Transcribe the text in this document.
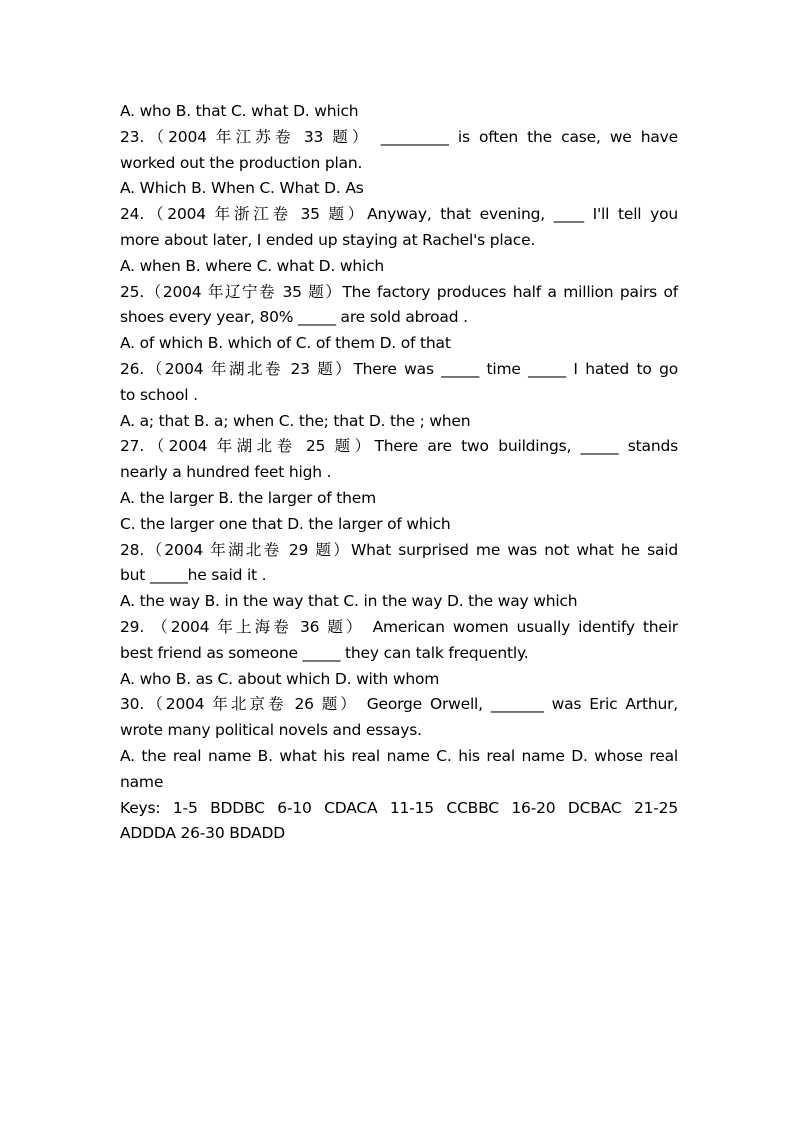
A. who B. that C. what D. which
23.（2004 年江苏卷 33 题） _________ is often the case, we have
worked out the production plan.
A. Which B. When C. What D. As
24.（2004 年浙江卷 35 题）Anyway, that evening, ____ I'll tell you
more about later, I ended up staying at Rachel's place.
A. when B. where C. what D. which
25.（2004 年辽宁卷 35 题）The factory produces half a million pairs of
shoes every year, 80% _____ are sold abroad .
A. of which B. which of C. of them D. of that
26.（2004 年湖北卷 23 题）There was _____ time _____ I hated to go
to school .
A. a; that B. a; when C. the; that D. the ; when
27.（2004 年湖北卷 25 题）There are two buildings, _____ stands
nearly a hundred feet high .
A. the larger B. the larger of them
C. the larger one that D. the larger of which
28.（2004 年湖北卷 29 题）What surprised me was not what he said
but _____he said it .
A. the way B. in the way that C. in the way D. the way which
29. （2004 年上海卷 36 题） American women usually identify their
best friend as someone _____ they can talk frequently.
A. who B. as C. about which D. with whom
30.（2004 年北京卷 26 题） George Orwell, _______ was Eric Arthur,
wrote many political novels and essays.
A. the real name B. what his real name C. his real name D. whose real
name
Keys: 1-5 BDDBC 6-10 CDACA 11-15 CCBBC 16-20 DCBAC 21-25
ADDDA 26-30 BDADD
